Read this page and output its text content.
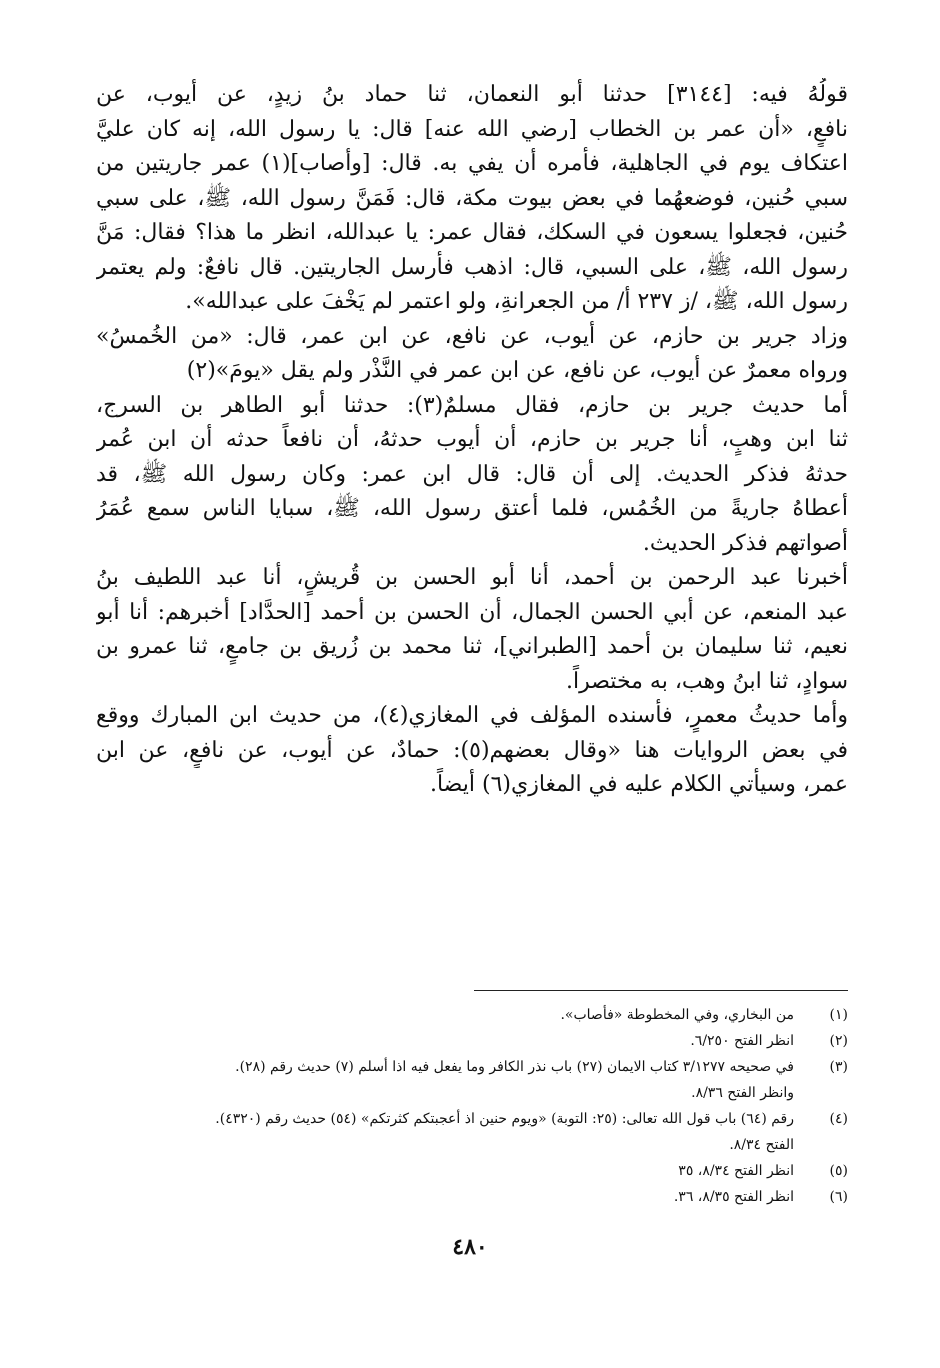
قولُهُ فيه: [٣١٤٤] حدثنا أبو النعمان، ثنا حماد بنُ زيدٍ، عن أيوب، عن
نافعٍ، «أن عمر بن الخطاب [رضي الله عنه] قال: يا رسول الله، إنه كان عليَّ
اعتكاف يوم في الجاهلية، فأمره أن يفي به. قال: [وأصاب](١) عمر جاريتين من
سبي حُنين، فوضعهُما في بعض بيوت مكة، قال: فَمَنَّ رسول الله، ﷺ، على سبي
حُنين، فجعلوا يسعون في السكك، فقال عمر: يا عبدالله، انظر ما هذا؟ فقال: مَنَّ
رسول الله، ﷺ، على السبي، قال: اذهب فأرسل الجاريتين. قال نافعٌ: ولم يعتمر
رسول الله، ﷺ، /ز ٢٣٧ أ/ من الجعرانةِ، ولو اعتمر لم يَخْفَ على عبدالله».
وزاد جرير بن حازم، عن أيوب، عن نافع، عن ابن عمر، قال: «من الخُمسُ»
ورواه معمرٌ عن أيوب، عن نافع، عن ابن عمر في النَّذْر ولم يقل «يومَ»(٢)
أما حديث جرير بن حازم، فقال مسلمٌ(٣): حدثنا أبو الطاهر بن السرج،
ثنا ابن وهبٍ، أنا جرير بن حازم، أن أيوب حدثهُ، أن نافعاً حدثه أن ابن عُمر
حدثهُ فذكر الحديث. إلى أن قال: قال ابن عمر: وكان رسول الله ﷺ، قد
أعطاهُ جاريةً من الخُمُس، فلما أعتق رسول الله، ﷺ، سبايا الناس سمع عُمَرُ
أصواتهم فذكر الحديث.
أخبرنا عبد الرحمن بن أحمد، أنا أبو الحسن بن قُريشٍ، أنا عبد اللطيف بنُ
عبد المنعم، عن أبي الحسن الجمال، أن الحسن بن أحمد [الحدَّاد] أخبرهم: أنا أبو
نعيم، ثنا سليمان بن أحمد [الطبراني]، ثنا محمد بن زُريق بن جامعٍ، ثنا عمرو بن
سوادٍ، ثنا ابنُ وهب، به مختصراً.
وأما حديثُ معمرٍ، فأسنده المؤلف في المغازي(٤)، من حديث ابن المبارك ووقع
في بعض الروايات هنا «وقال بعضهم(٥): حمادٌ، عن أيوب، عن نافعٍ، عن ابن
عمر، وسيأتي الكلام عليه في المغازي(٦) أيضاً.
(١)
من البخاري، وفي المخطوطة «فأصاب».
(٢)
انظر الفتح ٦/٢٥٠.
(٣)
في صحيحه ٣/١٢٧٧ كتاب الايمان (٢٧) باب نذر الكافر وما يفعل فيه اذا أسلم (٧) حديث رقم (٢٨).
وانظر الفتح ٨/٣٦.
(٤)
رقم (٦٤) باب قول الله تعالى: (٢٥: التوبة) «ويوم حنين اذ أعجبتكم كثرتكم» (٥٤) حديث رقم (٤٣٢٠).
الفتح ٨/٣٤.
(٥)
انظر الفتح ٨/٣٤، ٣٥
(٦)
انظر الفتح ٨/٣٥، ٣٦.
٤٨٠
